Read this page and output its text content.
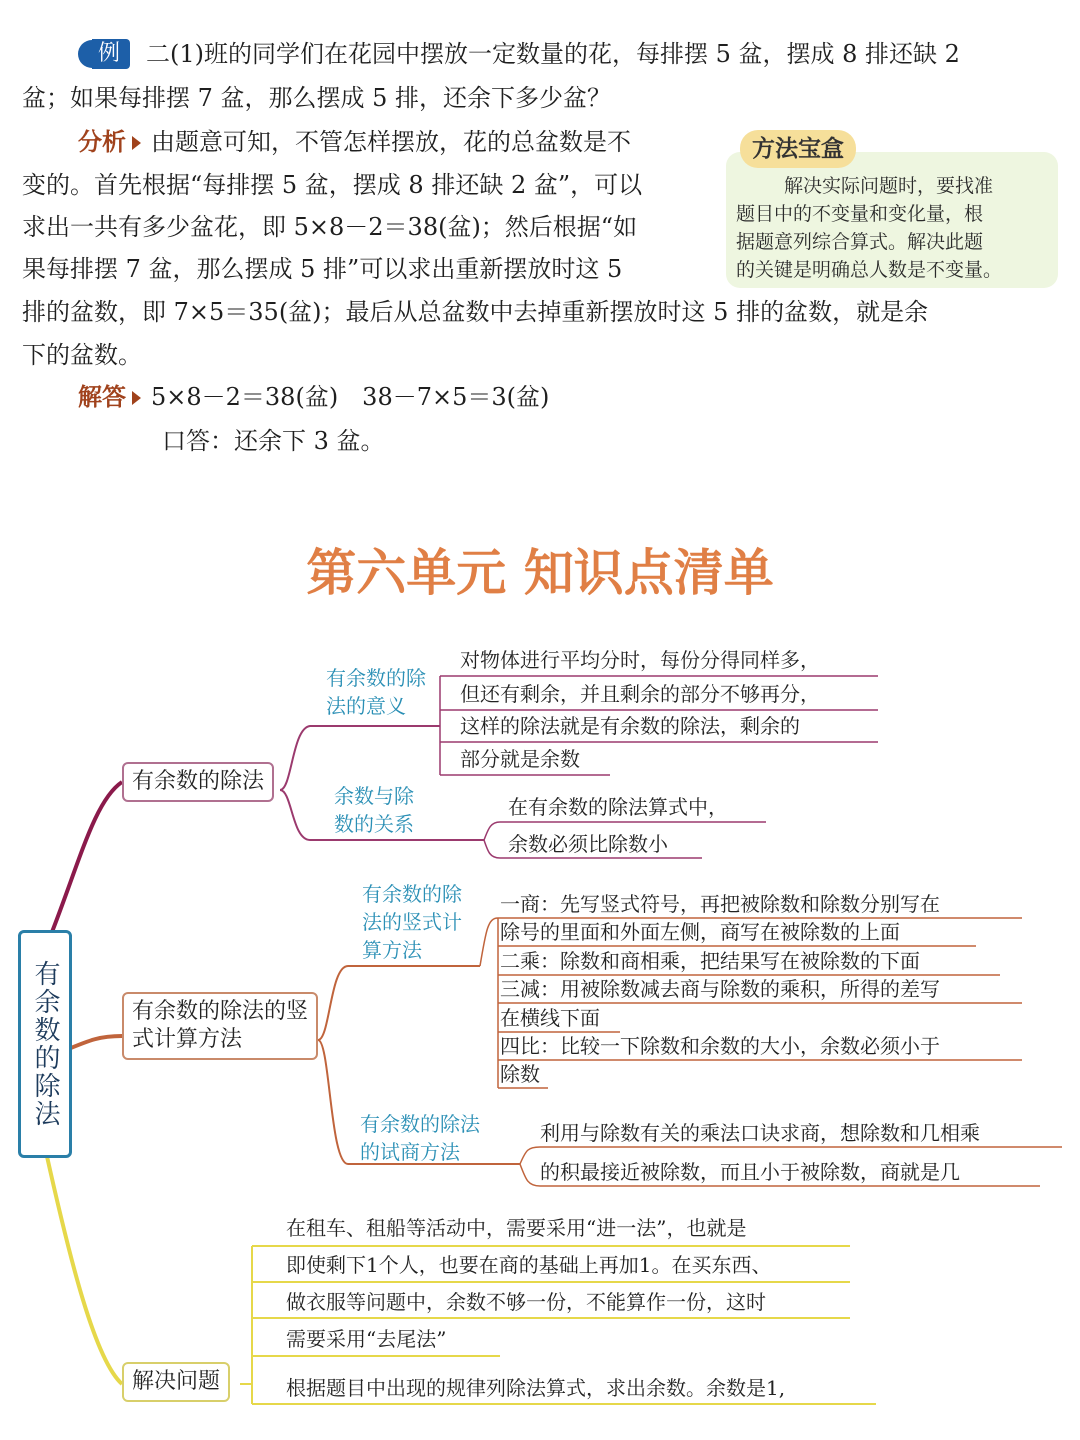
例	二(1)班的同学们在花园中摆放一定数量的花，每排摆 5 盆，摆成 8 排还缺 2
盆；如果每排摆 7 盆，那么摆成 5 排，还余下多少盆？
分析 由题意可知，不管怎样摆放，花的总盆数是不
变的。首先根据“每排摆 5 盆，摆成 8 排还缺 2 盆”，可以
求出一共有多少盆花，即 5×8－2＝38(盆)；然后根据“如
果每排摆 7 盆，那么摆成 5 排”可以求出重新摆放时这 5
排的盆数，即 7×5＝35(盆)；最后从总盆数中去掉重新摆放时这 5 排的盆数，就是余
下的盆数。
解答 5×8－2＝38(盆)　38－7×5＝3(盆)
口答：还余下 3 盆。
方法宝盒
解决实际问题时，要找准
题目中的不变量和变化量，根
据题意列综合算式。解决此题
的关键是明确总人数是不变量。
第六单元 知识点清单
有余数的除法
有余数的除法
有余数的除法的竖式计算方法
解决问题
有余数的除法的意义
余数与除数的关系
有余数的除法的竖式计算方法
有余数的除法的试商方法
对物体进行平均分时，每份分得同样多，
但还有剩余，并且剩余的部分不够再分，
这样的除法就是有余数的除法，剩余的
部分就是余数
在有余数的除法算式中，
余数必须比除数小
一商：先写竖式符号，再把被除数和除数分别写在
除号的里面和外面左侧，商写在被除数的上面
二乘：除数和商相乘，把结果写在被除数的下面
三减：用被除数减去商与除数的乘积，所得的差写
在横线下面
四比：比较一下除数和余数的大小，余数必须小于
除数
利用与除数有关的乘法口诀求商，想除数和几相乘
的积最接近被除数，而且小于被除数，商就是几
在租车、租船等活动中，需要采用“进一法”，也就是
即使剩下1个人，也要在商的基础上再加1。在买东西、
做衣服等问题中，余数不够一份，不能算作一份，这时
需要采用“去尾法”
根据题目中出现的规律列除法算式，求出余数。余数是1,
